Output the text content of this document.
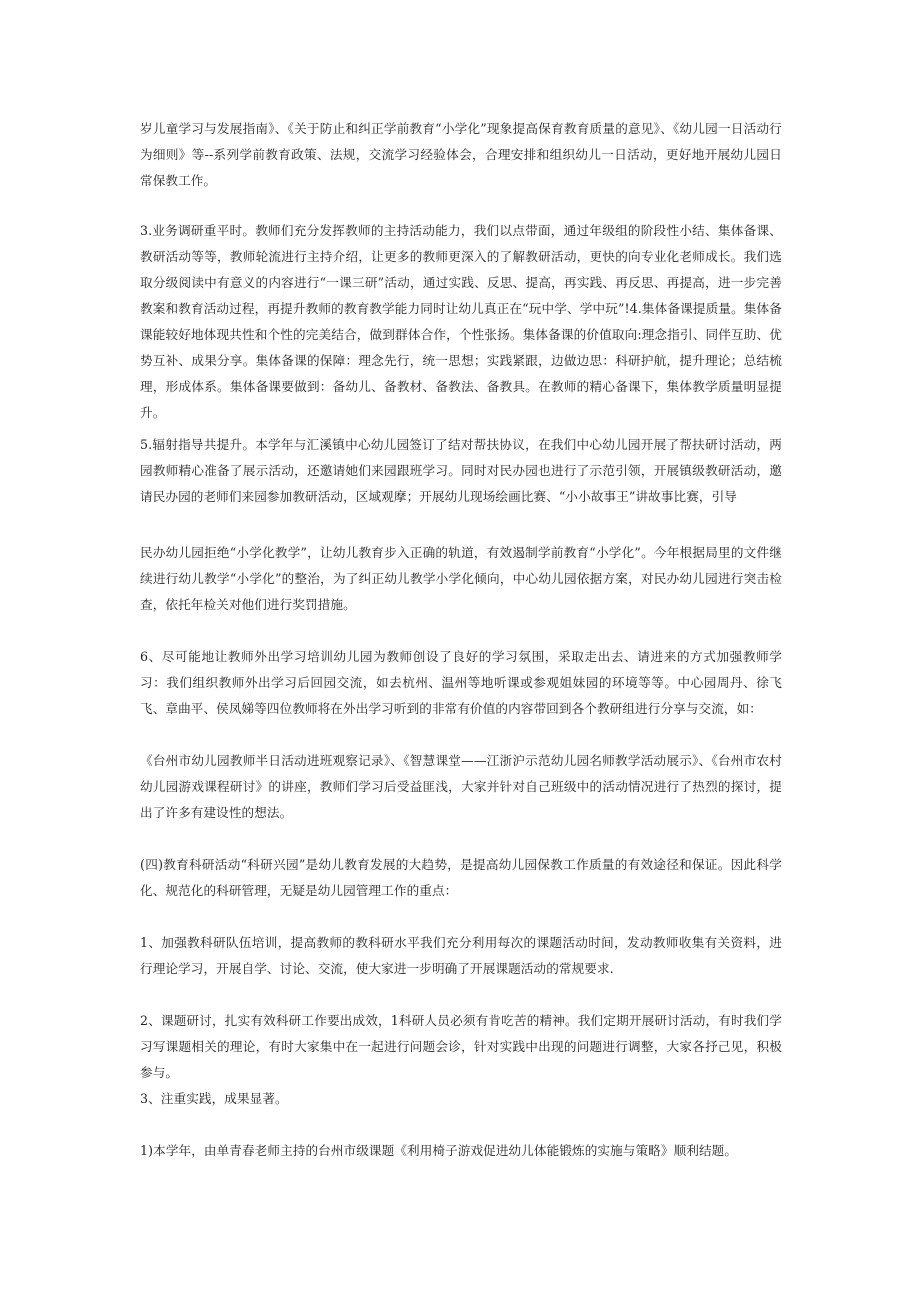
岁儿童学习与发展指南》、《关于防止和纠正学前教育“小学化”现象提高保育教育质量的意见》、《幼儿园一日活动行为细则》等--系列学前教育政策、法规，交流学习经验体会，合理安排和组织幼儿一日活动，更好地开展幼儿园日常保教工作。

3.业务调研重平时。教师们充分发挥教师的主持活动能力，我们以点带面，通过年级组的阶段性小结、集体备课、教研活动等等，教师轮流进行主持介绍，让更多的教师更深入的了解教研活动，更快的向专业化老师成长。我们选取分级阅读中有意义的内容进行“一课三研”活动，通过实践、反思、提高，再实践、再反思、再提高，进一步完善教案和教育活动过程，再提升教师的教育教学能力同时让幼儿真正在“玩中学、学中玩”!4.集体备课提质量。集体备课能较好地体现共性和个性的完美结合，做到群体合作，个性张扬。集体备课的价值取向:理念指引、同伴互助、优势互补、成果分享。集体备课的保障：理念先行，统一思想；实践紧跟，边做边思：科研护航，提升理论；总结梳理，形成体系。集体备课要做到：备幼儿、备教材、备教法、备教具。在教师的精心备课下，集体教学质量明显提升。

5.辐射指导共提升。本学年与汇溪镇中心幼儿园签订了结对帮扶协议，在我们中心幼儿园开展了帮扶研讨活动，两园教师精心准备了展示活动，还邀请她们来园跟班学习。同时对民办园也进行了示范引领，开展镇级教研活动，邀请民办园的老师们来园参加教研活动，区域观摩；开展幼儿现场绘画比赛、“小小故事王”讲故事比赛，引导

民办幼儿园拒绝“小学化教学”，让幼儿教育步入正确的轨道，有效遏制学前教育“小学化”。今年根据局里的文件继续进行幼儿教学“小学化”的整治，为了纠正幼儿教学小学化倾向，中心幼儿园依据方案，对民办幼儿园进行突击检查，依托年检关对他们进行奖罚措施。

6、尽可能地让教师外出学习培训幼儿园为教师创设了良好的学习氛围，采取走出去、请进来的方式加强教师学习：我们组织教师外出学习后回园交流，如去杭州、温州等地听课或参观姐妹园的环境等等。中心园周丹、徐飞飞、章曲平、侯凤娣等四位教师将在外出学习听到的非常有价值的内容带回到各个教研组进行分享与交流，如：

《台州市幼儿园教师半日活动进班观察记录》、《智慧课堂——江浙沪示范幼儿园名师教学活动展示》、《台州市农村幼儿园游戏课程研讨》的讲座，教师们学习后受益匪浅，大家并针对自己班级中的活动情况进行了热烈的探讨，提出了许多有建设性的想法。

(四)教育科研活动“科研兴园”是幼儿教育发展的大趋势，是提高幼儿园保教工作质量的有效途径和保证。因此科学化、规范化的科研管理，无疑是幼儿园管理工作的重点：

1、加强教科研队伍培训，提高教师的教科研水平我们充分利用每次的课题活动时间，发动教师收集有关资料，进行理论学习，开展自学、讨论、交流，使大家进一步明确了开展课题活动的常规要求.

2、课题研讨，扎实有效科研工作要出成效，1科研人员必须有肯吃苦的精神。我们定期开展研讨活动，有时我们学习写课题相关的理论，有时大家集中在一起进行问题会诊，针对实践中出现的问题进行调整，大家各抒己见，积极参与。

3、注重实践，成果显著。

1)本学年，由单青春老师主持的台州市级课题《利用椅子游戏促进幼儿体能锻炼的实施与策略》顺利结题。
